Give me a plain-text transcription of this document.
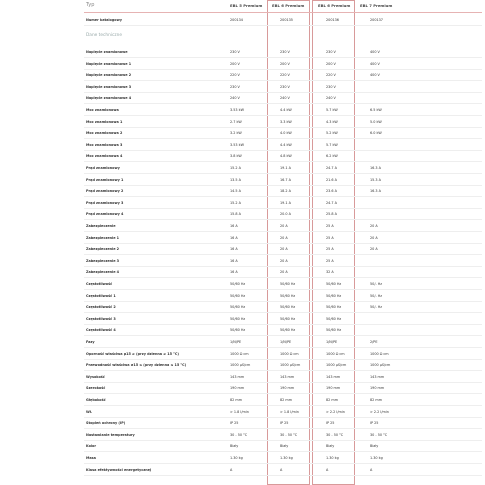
Typ	EBL 5 Premium	EBL 6 Premium	EBL 6 Premium	EBL 7 Premium
Dane techniczne
Numer katalogowy	200134	200135	200136	200137
Napięcie znamionowe	230 V	230 V	230 V	400 V
Napięcie znamionowe 1	200 V	200 V	200 V	400 V
Napięcie znamionowe 2	220 V	220 V	220 V	400 V
Napięcie znamionowe 3	230 V	230 V	230 V
Napięcie znamionowe 4	240 V	240 V	240 V
Moc znamionowa	3.53 kW	4.4 kW	5.7 kW	6.5 kW
Moc znamionowa 1	2.7 kW	3.3 kW	4.3 kW	5.0 kW
Moc znamionowa 2	3.2 kW	4.0 kW	5.2 kW	6.0 kW
Moc znamionowa 3	3.53 kW	4.4 kW	5.7 kW
Moc znamionowa 4	3.8 kW	4.8 kW	6.2 kW
Prąd znamionowy	15.2 A	19.1 A	24.7 A	16.3 A
Prąd znamionowy 1	13.5 A	16.7 A	21.6 A	15.3 A
Prąd znamionowy 2	14.5 A	18.2 A	23.6 A	16.3 A
Prąd znamionowy 3	15.2 A	19.1 A	24.7 A
Prąd znamionowy 4	15.8 A	20.0 A	25.8 A
Zabezpieczenie	16 A	20 A	25 A	20 A
Zabezpieczenie 1	16 A	20 A	25 A	20 A
Zabezpieczenie 2	16 A	20 A	25 A	20 A
Zabezpieczenie 3	16 A	20 A	25 A
Zabezpieczenie 4	16 A	20 A	32 A
Częstotliwość	50/60 Hz	50/60 Hz	50/60 Hz	50/- Hz
Częstotliwość 1	50/60 Hz	50/60 Hz	50/60 Hz	50/- Hz
Częstotliwość 2	50/60 Hz	50/60 Hz	50/60 Hz	50/- Hz
Częstotliwość 3	50/60 Hz	50/60 Hz	50/60 Hz
Częstotliwość 4	50/60 Hz	50/60 Hz	50/60 Hz
Fazy	1/N/PE	1/N/PE	1/N/PE	2/PE
Oporność właściwa ρ15 ≥ (przy dzienna ≥ 15 °C)	1000 Ω cm	1000 Ω cm	1000 Ω cm	1000 Ω cm
Przewodność właściwa σ15 ≤ (przy dzienna ≤ 15 °C)	1000 µS/cm	1000 µS/cm	1000 µS/cm	1000 µS/cm
Wysokość	143 mm	143 mm	143 mm	143 mm
Szerokość	190 mm	190 mm	190 mm	190 mm
Głębokość	82 mm	82 mm	82 mm	82 mm
Wł.	> 1.8 l/min	> 1.8 l/min	> 2.2 l/min	> 2.2 l/min
Stopień ochrony (IP)	IP 25	IP 25	IP 25	IP 25
Nastawianie temperatury	30 - 50 °C	30 - 50 °C	30 - 50 °C	30 - 50 °C
Kolor	Biały	Biały	Biały	Biały
Masa	1.30 kg	1.30 kg	1.30 kg	1.30 kg
Klasa efektywności energetycznej	A	A	A	A
